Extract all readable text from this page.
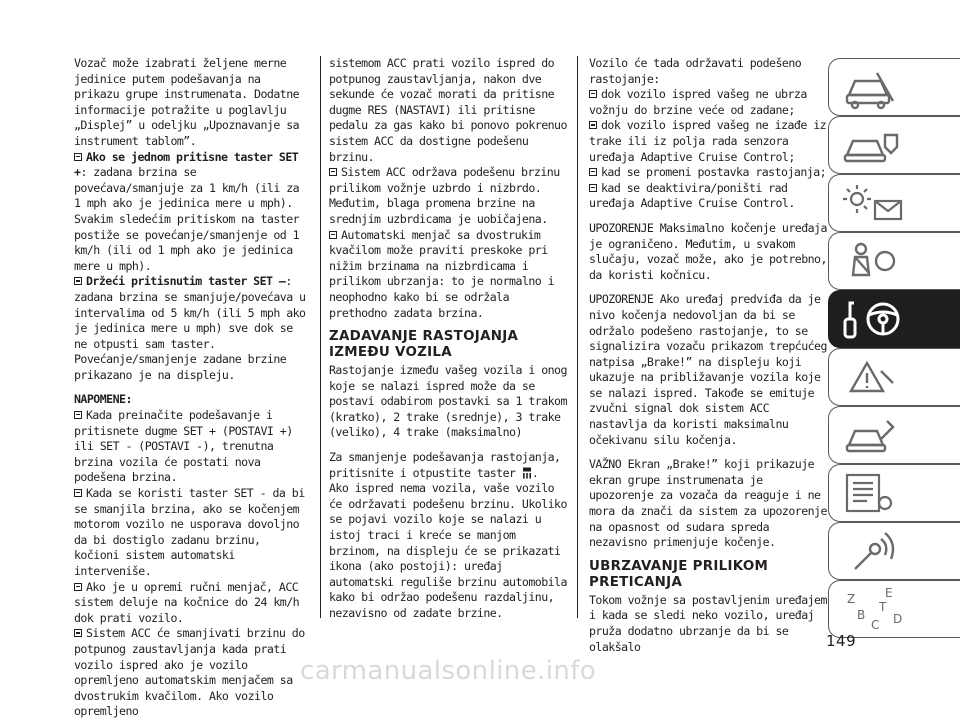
Vozač može izabrati željene merne jedinice putem podešavanja na prikazu grupe instrumenata. Dodatne informacije potražite u poglavlju „Displej” u odeljku „Upoznavanje sa instrument tablom”.

Ako se jednom pritisne taster SET +: zadana brzina se povećava/smanjuje za 1 km/h (ili za 1 mph ako je jedinica mere u mph). Svakim sledećim pritiskom na taster postiže se povećanje/smanjenje od 1 km/h (ili od 1 mph ako je jedinica mere u mph).

Držeći pritisnutim taster SET –: zadana brzina se smanjuje/povećava u intervalima od 5 km/h (ili 5 mph ako je jedinica mere u mph) sve dok se ne otpusti sam taster. Povećanje/smanjenje zadane brzine prikazano je na displeju.

NAPOMENE:

Kada preinačite podešavanje i pritisnete dugme SET + (POSTAVI +) ili SET - (POSTAVI -), trenutna brzina vozila će postati nova podešena brzina.

Kada se koristi taster SET - da bi se smanjila brzina, ako se kočenjem motorom vozilo ne usporava dovoljno da bi dostiglo zadanu brzinu, kočioni sistem automatski interveniše.

Ako je u opremi ručni menjač, ACC sistem deluje na kočnice do 24 km/h dok prati vozilo.

Sistem ACC će smanjivati brzinu do potpunog zaustavljanja kada prati vozilo ispred ako je vozilo opremljeno automatskim menjačem sa dvostrukim kvačilom. Ako vozilo opremljeno

sistemom ACC prati vozilo ispred do potpunog zaustavljanja, nakon dve sekunde će vozač morati da pritisne dugme RES (NASTAVI) ili pritisne pedalu za gas kako bi ponovo pokrenuo sistem ACC da dostigne podešenu brzinu.

Sistem ACC održava podešenu brzinu prilikom vožnje uzbrdo i nizbrdo. Međutim, blaga promena brzine na srednjim uzbrdicama je uobičajena.

Automatski menjač sa dvostrukim kvačilom može praviti preskoke pri nižim brzinama na nizbrdicama i prilikom ubrzanja: to je normalno i neophodno kako bi se održala prethodno zadata brzina.

ZADAVANJE RASTOJANJA IZMEĐU VOZILA

Rastojanje između vašeg vozila i onog koje se nalazi ispred može da se postavi odabirom postavki sa 1 trakom (kratko), 2 trake (srednje), 3 trake (veliko), 4 trake (maksimalno)

Za smanjenje podešavanja rastojanja, pritisnite i otpustite taster .

Ako ispred nema vozila, vaše vozilo će održavati podešenu brzinu. Ukoliko se pojavi vozilo koje se nalazi u istoj traci i kreće se manjom brzinom, na displeju će se prikazati ikona (ako postoji): uređaj automatski reguliše brzinu automobila kako bi održao podešenu razdaljinu, nezavisno od zadate brzine.

Vozilo će tada održavati podešeno rastojanje:

dok vozilo ispred vašeg ne ubrza vožnju do brzine veće od zadane;

dok vozilo ispred vašeg ne izađe iz trake ili iz polja rada senzora uređaja Adaptive Cruise Control;

kad se promeni postavka rastojanja;

kad se deaktivira/poništi rad uređaja Adaptive Cruise Control.

UPOZORENJE Maksimalno kočenje uređaja je ograničeno. Međutim, u svakom slučaju, vozač može, ako je potrebno, da koristi kočnicu.

UPOZORENJE Ako uređaj predviđa da je nivo kočenja nedovoljan da bi se održalo podešeno rastojanje, to se signalizira vozaču prikazom trepćućeg natpisa „Brake!” na displeju koji ukazuje na približavanje vozila koje se nalazi ispred. Takođe se emituje zvučni signal dok sistem ACC nastavlja da koristi maksimalnu očekivanu silu kočenja.

VAŽNO Ekran „Brake!” koji prikazuje ekran grupe instrumenata je upozorenje za vozača da reaguje i ne mora da znači da sistem za upozorenje na opasnost od sudara spreda nezavisno primenjuje kočenje.

UBRZAVANJE PRILIKOM PRETICANJA

Tokom vožnje sa postavljenim uređajem i kada se sledi neko vozilo, uređaj pruža dodatno ubrzanje da bi se olakšalo

Z E
B
C D
T
149
carmanualsonline.info
